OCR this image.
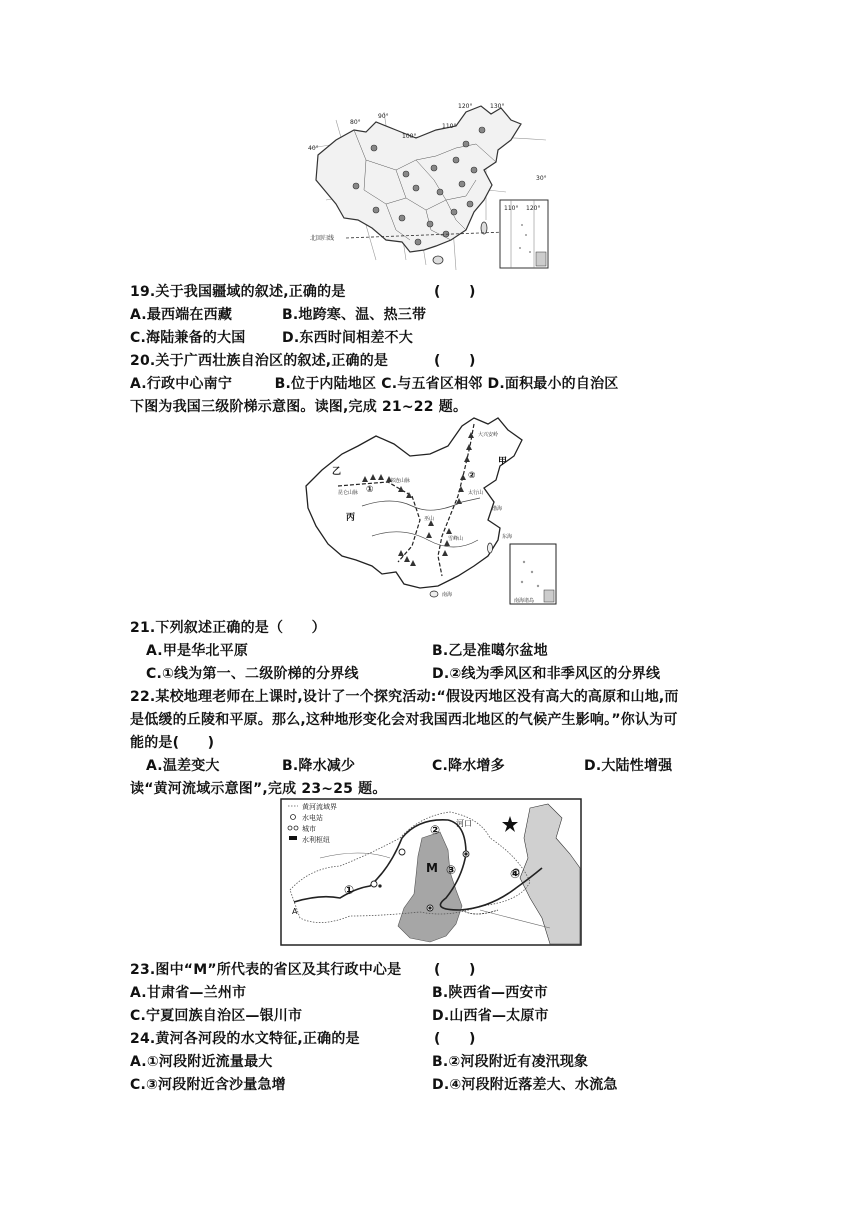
80°
90°
100°
110°
120°	130°
40°
30°
北回归线
110° 120°
19.关于我国疆域的叙述,正确的是	(　　)
A.最西端在西藏	B.地跨寒、温、热三带
C.海陆兼备的大国	D.东西时间相差不大
20.关于广西壮族自治区的叙述,正确的是	(　　)
A.行政中心南宁　　　B.位于内陆地区 C.与五省区相邻 D.面积最小的自治区
下图为我国三级阶梯示意图。读图,完成 21~22 题。
甲
乙
丙
①
②
大兴安岭
太行山
昆仑山脉
祁连山脉
巫山
雪峰山
渤海
东海
南海
南海诸岛
21.下列叙述正确的是（　　）
A.甲是华北平原	B.乙是准噶尔盆地
C.①线为第一、二级阶梯的分界线	D.②线为季风区和非季风区的分界线
22.某校地理老师在上课时,设计了一个探究活动:“假设丙地区没有高大的高原和山地,而
是低缓的丘陵和平原。那么,这种地形变化会对我国西北地区的气候产生影响。”你认为可
能的是(　　)
A.温差变大	B.降水减少	C.降水增多	D.大陆性增强
读“黄河流域示意图”,完成 23~25 题。
①
②
③	④
M
A
河口
黄河流域界
水电站
城市
水利枢纽
23.图中“M”所代表的省区及其行政中心是 (　　)
A.甘肃省—兰州市	B.陕西省—西安市
C.宁夏回族自治区—银川市	D.山西省—太原市
24.黄河各河段的水文特征,正确的是	(　　)
A.①河段附近流量最大	B.②河段附近有凌汛现象
C.③河段附近含沙量急增	D.④河段附近落差大、水流急
